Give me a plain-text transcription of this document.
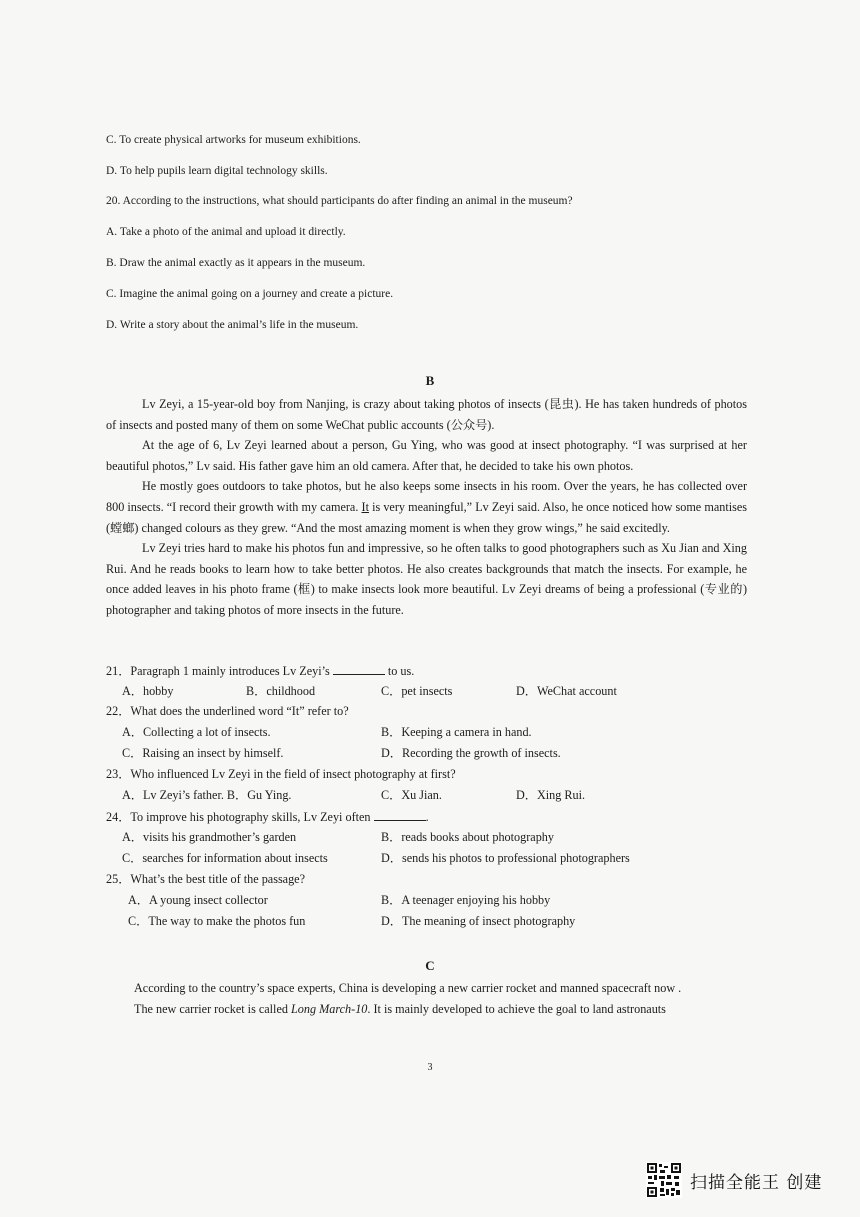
C. To create physical artworks for museum exhibitions.
D. To help pupils learn digital technology skills.
20. According to the instructions, what should participants do after finding an animal in the museum?
A. Take a photo of the animal and upload it directly.
B. Draw the animal exactly as it appears in the museum.
C. Imagine the animal going on a journey and create a picture.
D. Write a story about the animal’s life in the museum.
B

Lv Zeyi, a 15-year-old boy from Nanjing, is crazy about taking photos of insects (昆虫). He has taken hundreds of photos of insects and posted many of them on some WeChat public accounts (公众号).

At the age of 6, Lv Zeyi learned about a person, Gu Ying, who was good at insect photography. “I was surprised at her beautiful photos,” Lv said. His father gave him an old camera. After that, he decided to take his own photos.

He mostly goes outdoors to take photos, but he also keeps some insects in his room. Over the years, he has collected over 800 insects. “I record their growth with my camera. It is very meaningful,” Lv Zeyi said. Also, he once noticed how some mantises (螳螂) changed colours as they grew. “And the most amazing moment is when they grow wings,” he said excitedly.

Lv Zeyi tries hard to make his photos fun and impressive, so he often talks to good photographers such as Xu Jian and Xing Rui. And he reads books to learn how to take better photos. He also creates backgrounds that match the insects. For example, he once added leaves in his photo frame (框) to make insects look more beautiful. Lv Zeyi dreams of being a professional (专业的) photographer and taking photos of more insects in the future.

21．Paragraph 1 mainly introduces Lv Zeyi’s	to us.
A．hobby	B．childhood	C．pet insects	D．WeChat account
22．What does the underlined word “It” refer to?
A．Collecting a lot of insects.	B．Keeping a camera in hand.
C．Raising an insect by himself.	D．Recording the growth of insects.
23．Who influenced Lv Zeyi in the field of insect photography at first?
A．Lv Zeyi’s father. B．Gu Ying.	C．Xu Jian.	D．Xing Rui.
24．To improve his photography skills, Lv Zeyi often	.
A．visits his grandmother’s garden	B．reads books about photography
C．searches for information about insects	D．sends his photos to professional photographers
25．What’s the best title of the passage?
A．A young insect collector	B．A teenager enjoying his hobby
C．The way to make the photos fun	D．The meaning of insect photography
C

According to the country’s space experts, China is developing a new carrier rocket and manned spacecraft now .

The new carrier rocket is called Long March-10. It is mainly developed to achieve the goal to land astronauts

3
扫描全能王 创建
